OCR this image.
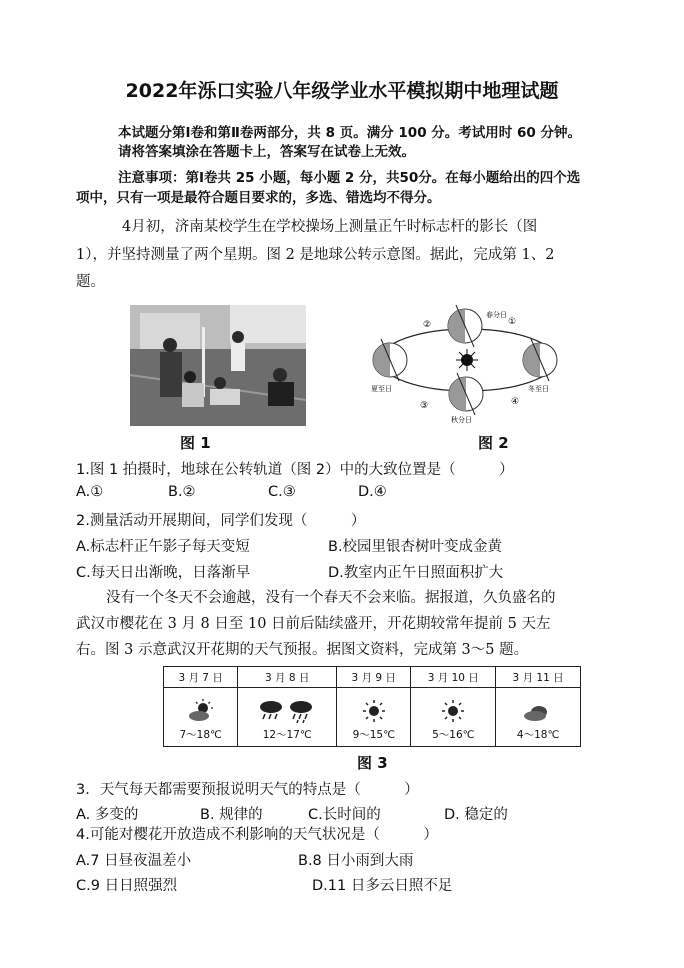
2022年泺口实验八年级学业水平模拟期中地理试题
本试题分第Ⅰ卷和第Ⅱ卷两部分，共 8 页。满分 100 分。考试用时 60 分钟。
请将答案填涂在答题卡上，答案写在试卷上无效。
注意事项：第Ⅰ卷共 25 小题，每小题 2 分，共50分。在每小题给出的四个选
项中，只有一项是最符合题目要求的，多选、错选均不得分。
4月初，济南某校学生在学校操场上测量正午时标志杆的影长（图
1），并坚持测量了两个星期。图 2 是地球公转示意图。据此，完成第 1、2
题。
春分日
夏至日
秋分日
冬至日
②	①
③	④
图 1	图 2
1.图 1 拍摄时，地球在公转轨道（图 2）中的大致位置是（　　　）
A.①	B.②	C.③	D.④
2.测量活动开展期间，同学们发现（　　　）
A.标志杆正午影子每天变短	B.校园里银杏树叶变成金黄
C.每天日出渐晚，日落渐早	D.教室内正午日照面积扩大
没有一个冬天不会逾越，没有一个春天不会来临。据报道，久负盛名的
武汉市樱花在 3 月 8 日至 10 日前后陆续盛开，开花期较常年提前 5 天左
右。图 3 示意武汉开花期的天气预报。据图文资料，完成第 3～5 题。
3 月 7 日	3 月 8 日	3 月 9 日	3 月 10 日	3 月 11 日

7～18℃	12～17℃	9～15℃	5～16℃	4～18℃
图 3
3．天气每天都需要预报说明天气的特点是（　　　）
A. 多变的	B. 规律的	C.长时间的	D. 稳定的
4.可能对樱花开放造成不利影响的天气状况是（　　　）
A.7 日昼夜温差小	B.8 日小雨到大雨
C.9 日日照强烈	D.11 日多云日照不足
